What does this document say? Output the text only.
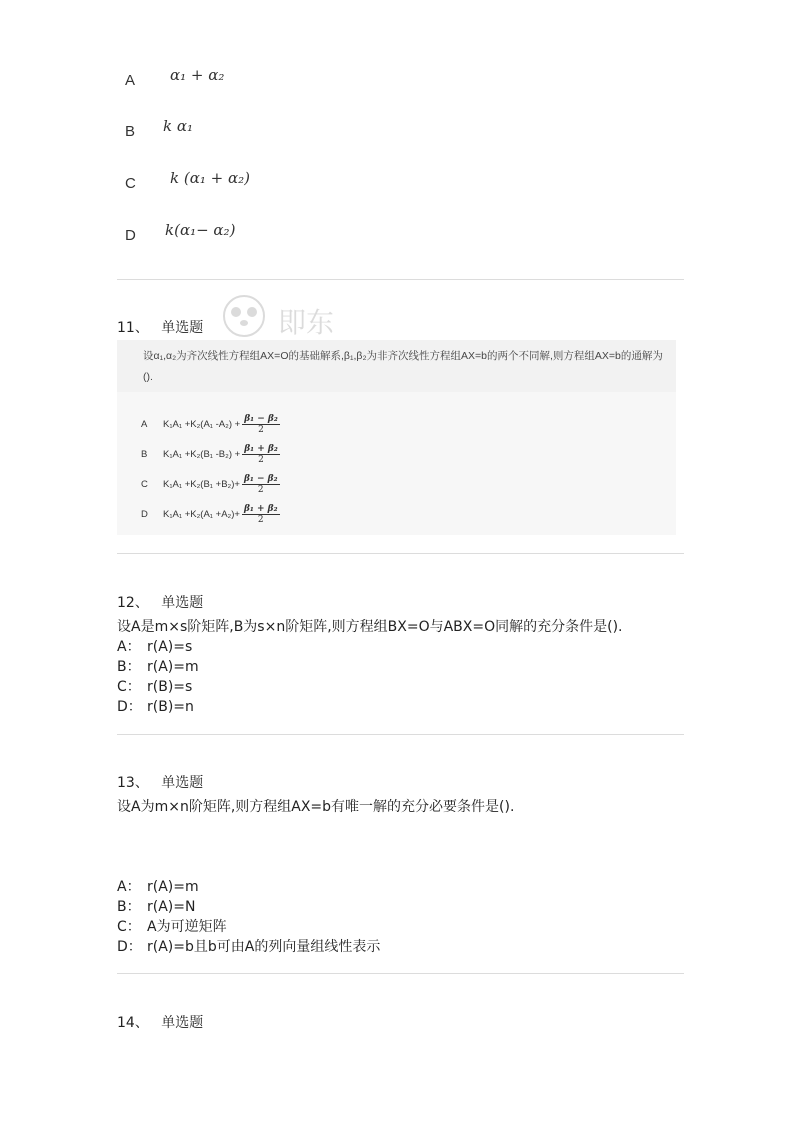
A α₁ + α₂
B k α₁
C k (α₁ + α₂)
D k(α₁− α₂)
即东
11、 单选题
设α₁,α₂为齐次线性方程组AX=O的基础解系,β₁,β₂为非齐次线性方程组AX=b的两个不同解,则方程组AX=b的通解为().
A K₁A₁ +K₂(A₁ $-A_2) + \frac{\text{β₁ − β₂}}{2}$
B K₁A₁ +K₂(B₁ $-B_2) + \frac{\text{β₁ + β₂}}{2}$
C $K_1A_1 +K_2(B_1 +B_2)+ \frac{\text{β₁ − β₂}}{2}$
D $K_1A_1 +K_2(A_1 +A_2)+ \frac{\text{β₁ + β₂}}{2}$
12、 单选题
设A是m×s阶矩阵,B为s×n阶矩阵,则方程组BX=O与ABX=O同解的充分条件是().
A： r(A)=s
B： r(A)=m
C： r(B)=s
D： r(B)=n
13、 单选题
设A为m×n阶矩阵,则方程组AX=b有唯一解的充分必要条件是().
A： r(A)=m
B： r(A)=N
C： A为可逆矩阵
D： r(A)=b且b可由A的列向量组线性表示
14、 单选题
